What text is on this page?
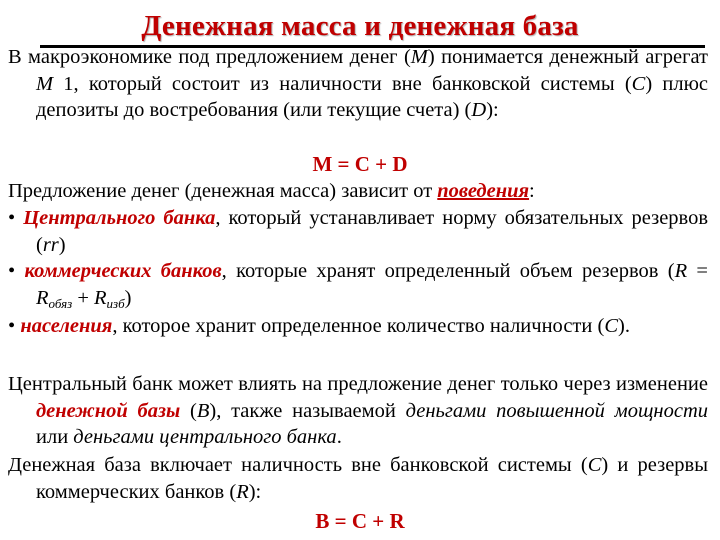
Денежная масса и денежная база
В макроэкономике под предложением денег (M) понимается денежный агрегат M 1, который состоит из наличности вне банковской системы (C) плюс депозиты до востребования (или текущие счета) (D):
M = C + D
Предложение денег (денежная масса) зависит от поведения:
• Центрального банка, который устанавливает норму обязательных резервов (rr)
• коммерческих банков, которые хранят определенный объем резервов $(R = R_{обяз} + R_{изб})$
• населения, которое хранит определенное количество наличности (C).
Центральный банк может влиять на предложение денег только через изменение денежной базы (B), также называемой деньгами повышенной мощности или деньгами центрального банка.
Денежная база включает наличность вне банковской системы (C) и резервы коммерческих банков (R):
B = C + R
